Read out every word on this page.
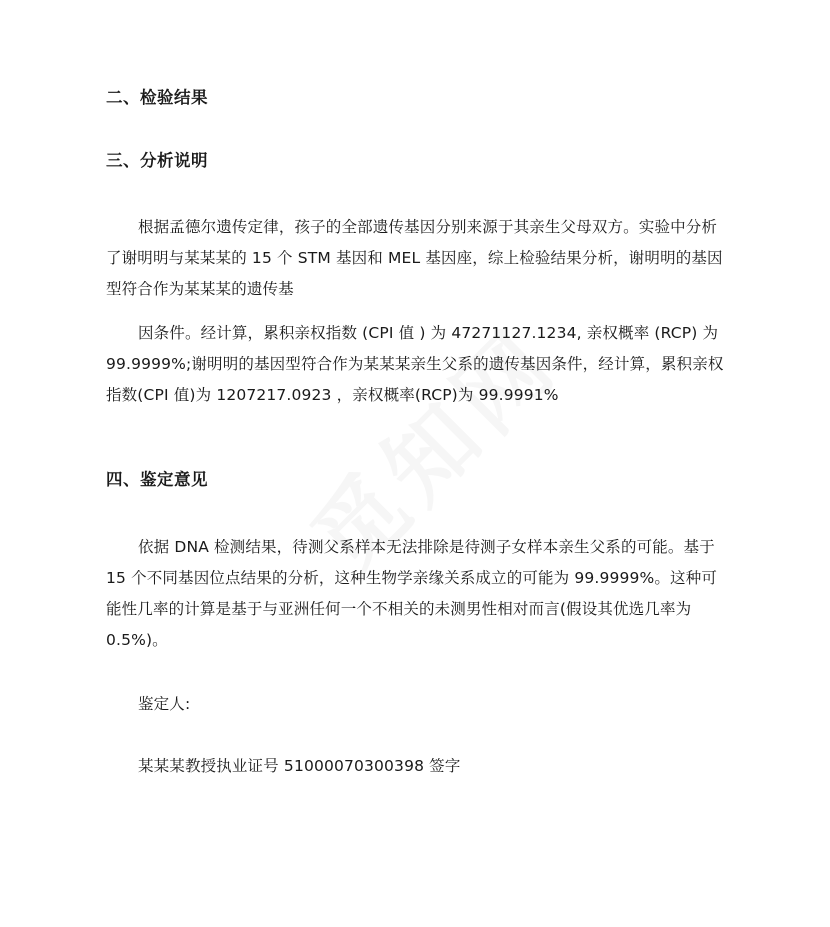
二、检验结果
三、分析说明
根据孟德尔遗传定律，孩子的全部遗传基因分别来源于其亲生父母双方。实验中分析
了谢明明与某某某的 15 个 STM 基因和 MEL 基因座，综上检验结果分析，谢明明的基因
型符合作为某某某的遗传基
因条件。经计算，累积亲权指数 (CPI 值 ) 为 47271127.1234, 亲权概率 (RCP) 为
99.9999%;谢明明的基因型符合作为某某某亲生父系的遗传基因条件，经计算，累积亲权
指数(CPI 值)为 1207217.0923 ，亲权概率(RCP)为 99.9991%
四、鉴定意见
依据 DNA 检测结果，待测父系样本无法排除是待测子女样本亲生父系的可能。基于
15 个不同基因位点结果的分析，这种生物学亲缘关系成立的可能为 99.9999%。这种可
能性几率的计算是基于与亚洲任何一个不相关的未测男性相对而言(假设其优选几率为
0.5%)。
鉴定人:
某某某教授执业证号 51000070300398 签字
